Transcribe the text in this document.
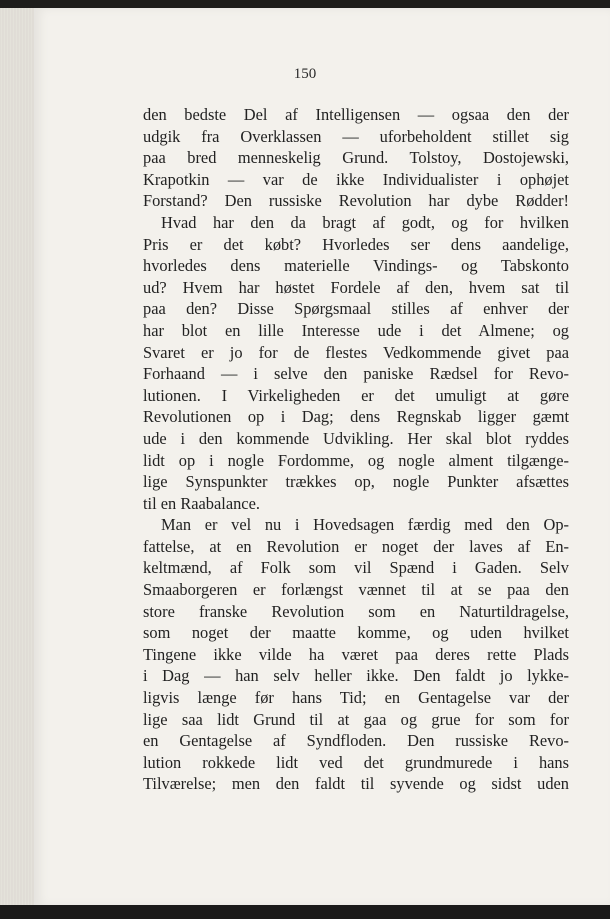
150
den bedste Del af Intelligensen — ogsaa den der
udgik fra Overklassen — uforbeholdent stillet sig
paa bred menneskelig Grund. Tolstoy, Dostojewski,
Krapotkin — var de ikke Individualister i ophøjet
Forstand? Den russiske Revolution har dybe Rødder!
Hvad har den da bragt af godt, og for hvilken
Pris er det købt? Hvorledes ser dens aandelige,
hvorledes dens materielle Vindings- og Tabskonto
ud? Hvem har høstet Fordele af den, hvem sat til
paa den? Disse Spørgsmaal stilles af enhver der
har blot en lille Interesse ude i det Almene; og
Svaret er jo for de flestes Vedkommende givet paa
Forhaand — i selve den paniske Rædsel for Revo-
lutionen. I Virkeligheden er det umuligt at gøre
Revolutionen op i Dag; dens Regnskab ligger gæmt
ude i den kommende Udvikling. Her skal blot ryddes
lidt op i nogle Fordomme, og nogle alment tilgænge-
lige Synspunkter trækkes op, nogle Punkter afsættes
til en Raabalance.
Man er vel nu i Hovedsagen færdig med den Op-
fattelse, at en Revolution er noget der laves af En-
keltmænd, af Folk som vil Spænd i Gaden. Selv
Smaaborgeren er forlængst vænnet til at se paa den
store franske Revolution som en Naturtildragelse,
som noget der maatte komme, og uden hvilket
Tingene ikke vilde ha været paa deres rette Plads
i Dag — han selv heller ikke. Den faldt jo lykke-
ligvis længe før hans Tid; en Gentagelse var der
lige saa lidt Grund til at gaa og grue for som for
en Gentagelse af Syndfloden. Den russiske Revo-
lution rokkede lidt ved det grundmurede i hans
Tilværelse; men den faldt til syvende og sidst uden
